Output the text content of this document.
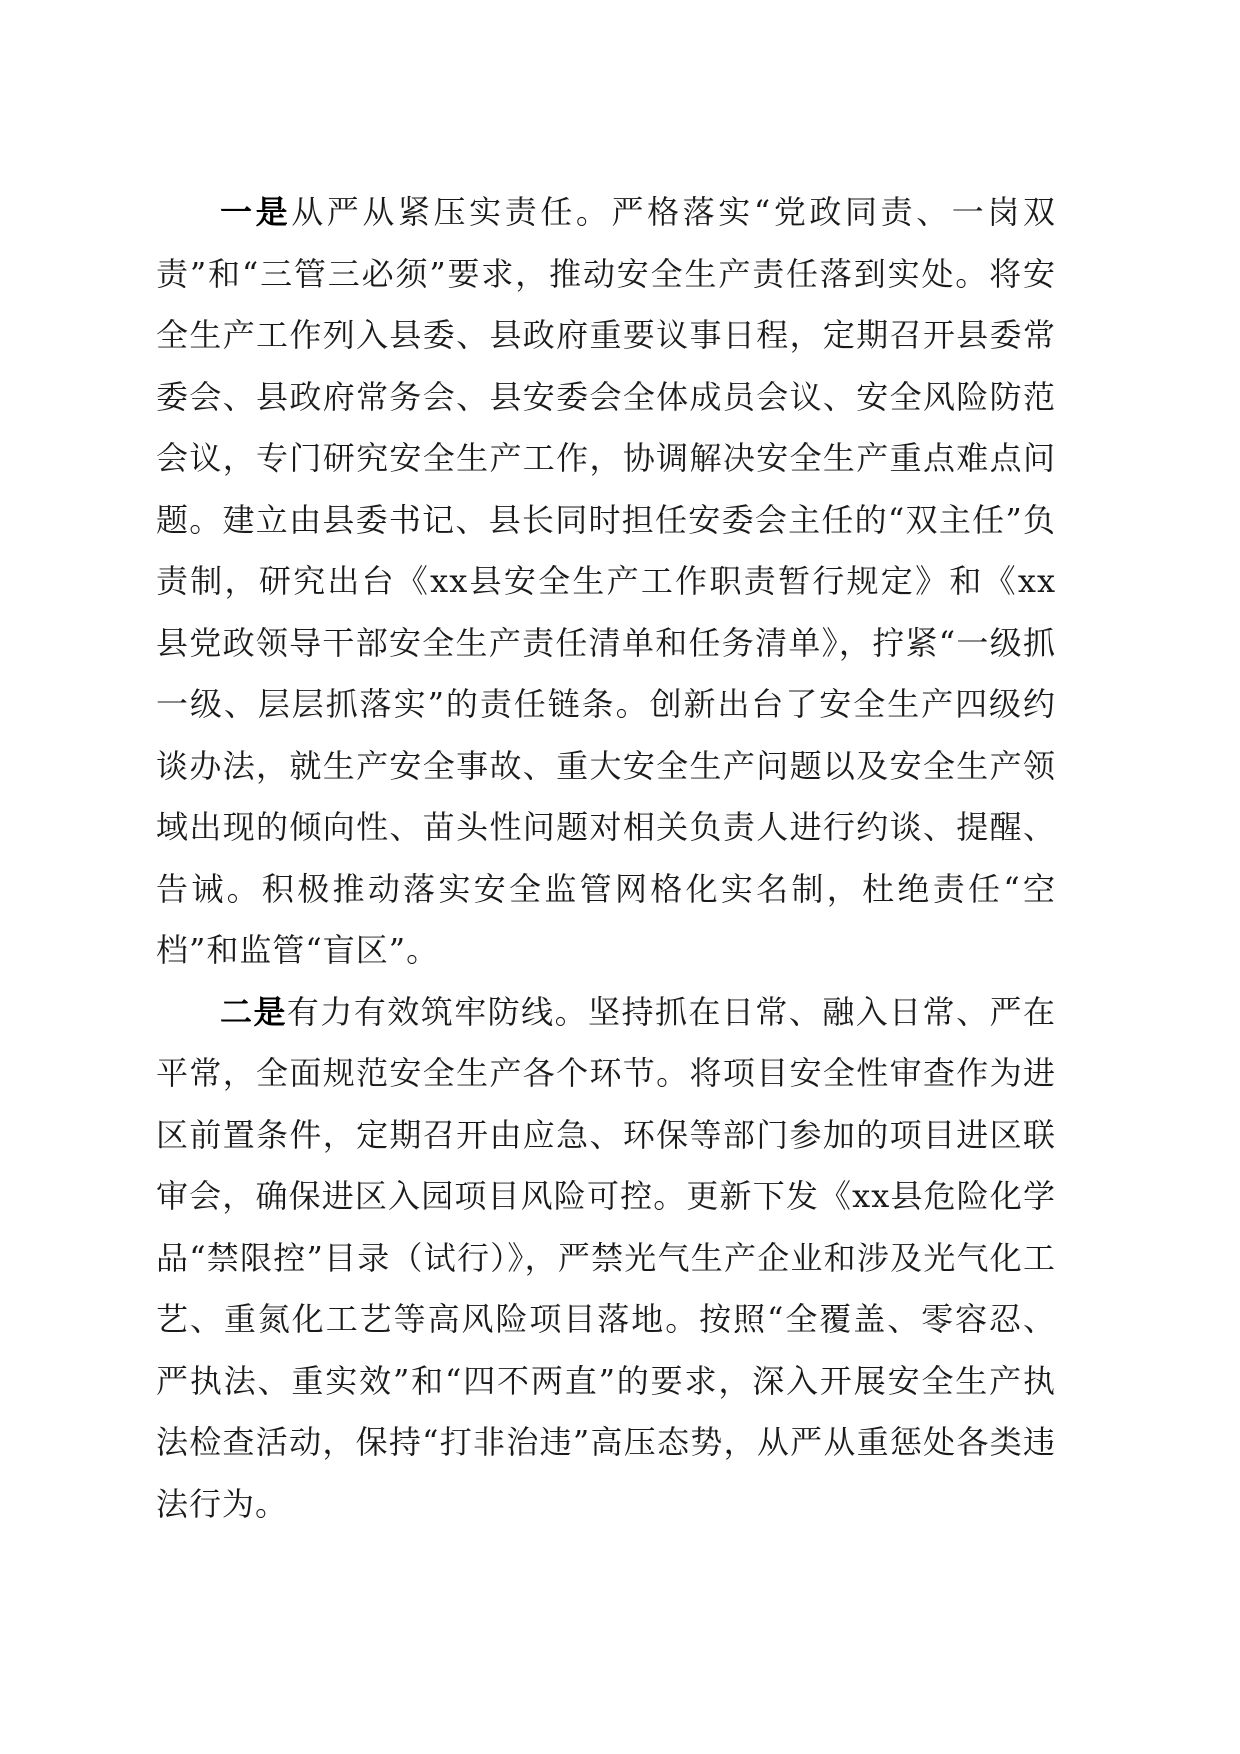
一是从严从紧压实责任。严格落实“党政同责、一岗双责”和“三管三必须”要求，推动安全生产责任落到实处。将安全生产工作列入县委、县政府重要议事日程，定期召开县委常委会、县政府常务会、县安委会全体成员会议、安全风险防范会议，专门研究安全生产工作，协调解决安全生产重点难点问题。建立由县委书记、县长同时担任安委会主任的“双主任”负责制，研究出台《xx县安全生产工作职责暂行规定》和《xx县党政领导干部安全生产责任清单和任务清单》，拧紧“一级抓一级、层层抓落实”的责任链条。创新出台了安全生产四级约谈办法，就生产安全事故、重大安全生产问题以及安全生产领域出现的倾向性、苗头性问题对相关负责人进行约谈、提醒、告诫。积极推动落实安全监管网格化实名制，杜绝责任“空档”和监管“盲区”。

二是有力有效筑牢防线。坚持抓在日常、融入日常、严在平常，全面规范安全生产各个环节。将项目安全性审查作为进区前置条件，定期召开由应急、环保等部门参加的项目进区联审会，确保进区入园项目风险可控。更新下发《xx县危险化学品“禁限控”目录（试行）》，严禁光气生产企业和涉及光气化工艺、重氮化工艺等高风险项目落地。按照“全覆盖、零容忍、严执法、重实效”和“四不两直”的要求，深入开展安全生产执法检查活动，保持“打非治违”高压态势，从严从重惩处各类违法行为。
